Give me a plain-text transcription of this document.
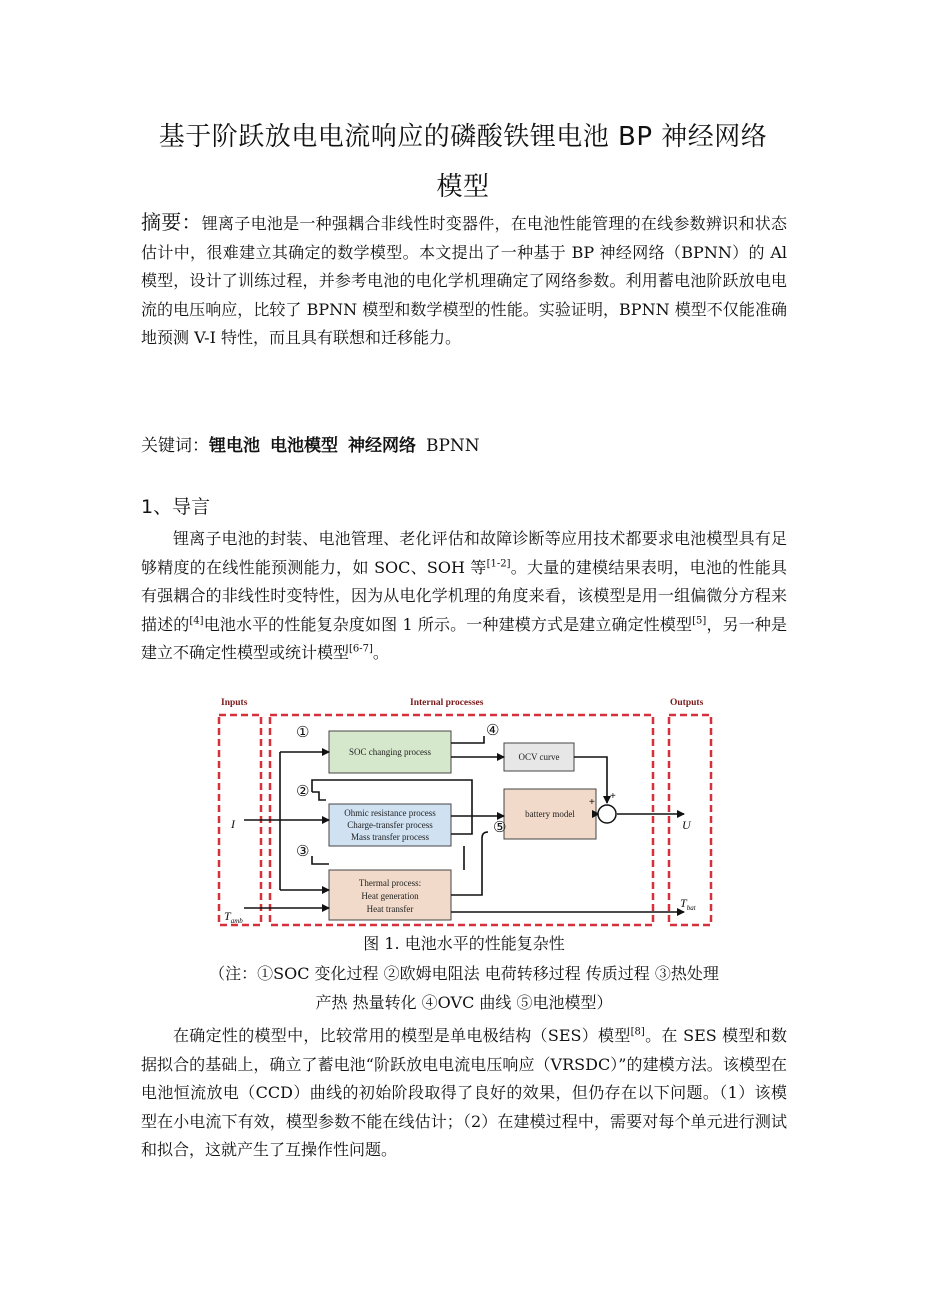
基于阶跃放电电流响应的磷酸铁锂电池 BP 神经网络
模型

摘要：锂离子电池是一种强耦合非线性时变器件，在电池性能管理的在线参数辨识和状态估计中，很难建立其确定的数学模型。本文提出了一种基于 BP 神经网络（BPNN）的 Al 模型，设计了训练过程，并参考电池的电化学机理确定了网络参数。利用蓄电池阶跃放电电流的电压响应，比较了 BPNN 模型和数学模型的性能。实验证明，BPNN 模型不仅能准确地预测 V-I 特性，而且具有联想和迁移能力。

关键词：锂电池 电池模型 神经网络 BPNN
1、导言

锂离子电池的封装、电池管理、老化评估和故障诊断等应用技术都要求电池模型具有足够精度的在线性能预测能力，如 SOC、SOH 等[1-2]。大量的建模结果表明，电池的性能具有强耦合的非线性时变特性，因为从电化学机理的角度来看，该模型是用一组偏微分方程来描述的[4]电池水平的性能复杂度如图 1 所示。一种建模方式是建立确定性模型[5]，另一种是建立不确定性模型或统计模型[6-7]。

Inputs	Internal processes	Outputs
SOC changing process	OCV curve
battery model
Ohmic resistance process
Charge-transfer process
Mass transfer process
Thermal process:
Heat generation
Heat transfer
①
②
③
④
⑤
+
+
I
$T_{amb}$
U
$T_{bat}$
图 1. 电池水平的性能复杂性
（注：①SOC 变化过程 ②欧姆电阻法 电荷转移过程 传质过程 ③热处理
产热 热量转化 ④OVC 曲线 ⑤电池模型）

在确定性的模型中，比较常用的模型是单电极结构（SES）模型[8]。在 SES 模型和数据拟合的基础上，确立了蓄电池“阶跃放电电流电压响应（VRSDC）”的建模方法。该模型在电池恒流放电（CCD）曲线的初始阶段取得了良好的效果，但仍存在以下问题。（1）该模型在小电流下有效，模型参数不能在线估计；（2）在建模过程中，需要对每个单元进行测试和拟合，这就产生了互操作性问题。
